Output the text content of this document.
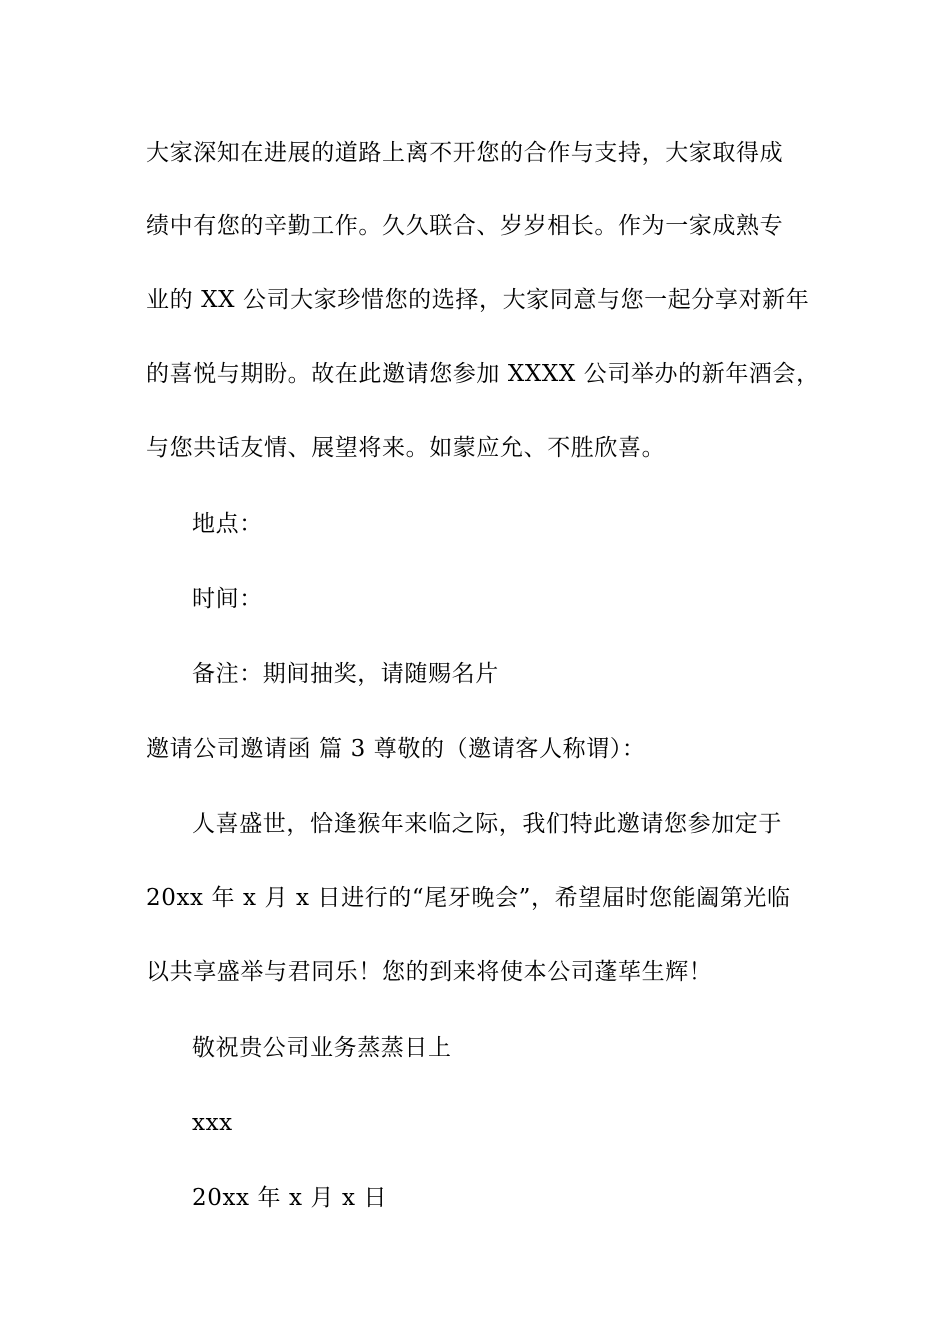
大家深知在进展的道路上离不开您的合作与支持，大家取得成
绩中有您的辛勤工作。久久联合、岁岁相长。作为一家成熟专
业的 XX 公司大家珍惜您的选择，大家同意与您一起分享对新年
的喜悦与期盼。故在此邀请您参加 XXXX 公司举办的新年酒会，
与您共话友情、展望将来。如蒙应允、不胜欣喜。
地点：
时间：
备注：期间抽奖，请随赐名片
邀请公司邀请函 篇 3 尊敬的（邀请客人称谓）：
人喜盛世，恰逢猴年来临之际，我们特此邀请您参加定于
20xx 年 x 月 x 日进行的“尾牙晚会”，希望届时您能阖第光临
以共享盛举与君同乐！您的到来将使本公司蓬荜生辉！
敬祝贵公司业务蒸蒸日上
xxx
20xx 年 x 月 x 日
